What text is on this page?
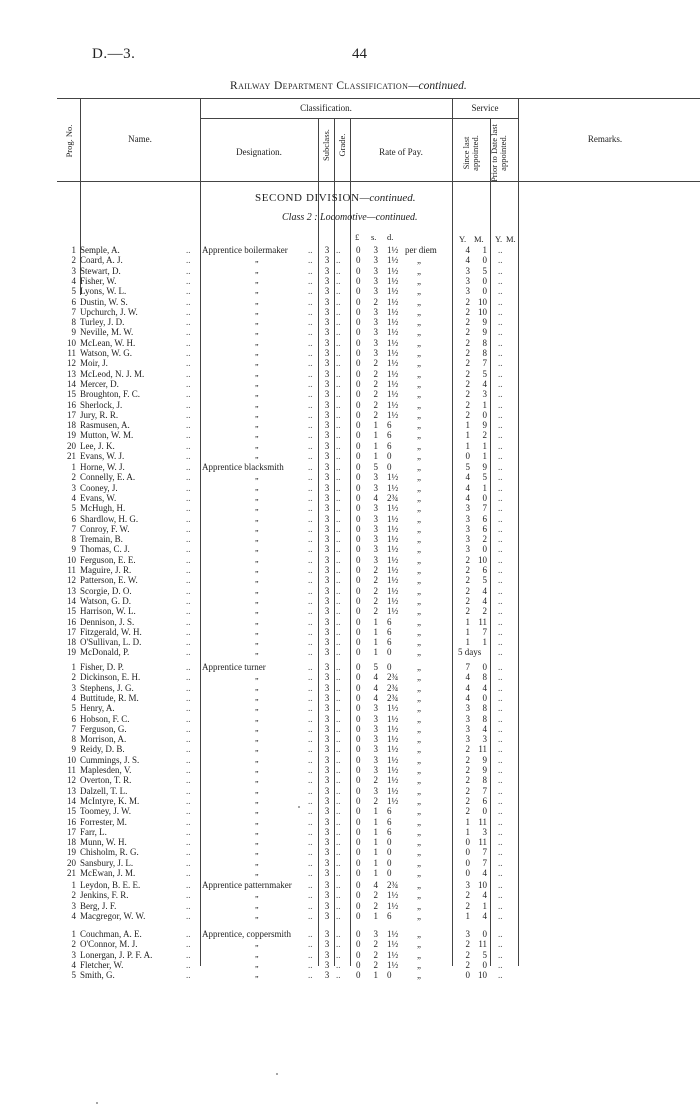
D.—3.	44
Railway Department Classification—continued.
Prog. No.	Name.
Classification.
Designation.	Subclass. Grade.	Rate of Pay.
Service
Since last appointed. Prior to Date last appointed.	Remarks.
SECOND DIVISION—continued.
Class 2 : Locomotive—continued.
£ s. d.	Y. M. Y. M.
1 Semple, A.	.. Apprentice boilermaker ..	3 .. 0	3 1½ per diem	4	1 ..
2 Coard, A. J.	..	„	..	3 .. 0	3 1½ „	4	0 ..
3 Stewart, D.	..	„	..	3 .. 0	3 1½ „	3	5 ..
4 Fisher, W.	..	„	..	3 .. 0	3 1½ „	3	0 ..
5 Lyons, W. L.	..	„	..	3 .. 0	3 1½ „	3	0 ..
6 Dustin, W. S.	..	„	..	3 .. 0	2 1½ „	2 10 ..
7 Upchurch, J. W.	..	„	..	3 .. 0	3 1½ „	2 10 ..
8 Turley, J. D.	..	„	..	3 .. 0	3 1½ „	2	9 ..
9 Neville, M. W.	..	„	..	3 .. 0	3 1½ „	2	9 ..
10 McLean, W. H.	..	„	..	3 .. 0	3 1½ „	2	8 ..
11 Watson, W. G.	..	„	..	3 .. 0	3 1½ „	2	8 ..
12 Moir, J.	..	„	..	3 .. 0	2 1½ „	2	7 ..
13 McLeod, N. J. M.	..	„	..	3 .. 0	2 1½ „	2	5 ..
14 Mercer, D.	..	„	..	3 .. 0	2 1½ „	2	4 ..
15 Broughton, F. C.	..	„	..	3 .. 0	2 1½ „	2	3 ..
16 Sherlock, J.	..	„	..	3 .. 0	2 1½ „	2	1 ..
17 Jury, R. R.	..	„	..	3 .. 0	2 1½ „	2	0 ..
18 Rasmusen, A.	..	„	..	3 .. 0	1 6	„	1	9 ..
19 Mutton, W. M.	..	„	..	3 .. 0	1 6	„	1	2 ..
20 Lee, J. K.	..	„	..	3 .. 0	1 6	„	1	1 ..
21 Evans, W. J.	..	„	..	3 .. 0	1 0	„	0	1 ..
1 Horne, W. J.	.. Apprentice blacksmith	..	3 .. 0	5 0	„	5	9 ..
2 Connelly, E. A.	..	„	..	3 .. 0	3 1½ „	4	5 ..
3 Cooney, J.	..	„	..	3 .. 0	3 1½ „	4	1 ..
4 Evans, W.	..	„	..	3 .. 0	4 2¾ „	4	0 ..
5 McHugh, H.	..	„	..	3 .. 0	3 1½ „	3	7 ..
6 Shardlow, H. G.	..	„	..	3 .. 0	3 1½ „	3	6 ..
7 Conroy, F. W.	..	„	..	3 .. 0	3 1½ „	3	6 ..
8 Tremain, B.	..	„	..	3 .. 0	3 1½ „	3	2 ..
9 Thomas, C. J.	..	„	..	3 .. 0	3 1½ „	3	0 ..
10 Ferguson, E. E.	..	„	..	3 .. 0	3 1½ „	2 10 ..
11 Maguire, J. R.	..	„	..	3 .. 0	2 1½ „	2	6 ..
12 Patterson, E. W.	..	„	..	3 .. 0	2 1½ „	2	5 ..
13 Scorgie, D. O.	..	„	..	3 .. 0	2 1½ „	2	4 ..
14 Watson, G. D.	..	„	..	3 .. 0	2 1½ „	2	4 ..
15 Harrison, W. L.	..	„	..	3 .. 0	2 1½ „	2	2 ..
16 Dennison, J. S.	..	„	..	3 .. 0	1 6	„	1 11 ..
17 Fitzgerald, W. H.	..	„	..	3 .. 0	1 6	„	1	7 ..
18 O'Sullivan, L. D.	..	„	..	3 .. 0	1 6	„	1	1 ..
19 McDonald, P.	..	„	..	3 .. 0	1 0	„	5 days ..
1 Fisher, D. P.	.. Apprentice turner	..	3 .. 0	5 0	„	7	0 ..
2 Dickinson, E. H.	..	„	..	3 .. 0	4 2¾ „	4	8 ..
3 Stephens, J. G.	..	„	..	3 .. 0	4 2¾ „	4	4 ..
4 Buttitude, R. M.	..	„	..	3 .. 0	4 2¾ „	4	0 ..
5 Henry, A.	..	„	..	3 .. 0	3 1½ „	3	8 ..
6 Hobson, F. C.	..	„	..	3 .. 0	3 1½ „	3	8 ..
7 Ferguson, G.	..	„	..	3 .. 0	3 1½ „	3	4 ..
8 Morrison, A.	..	„	..	3 .. 0	3 1½ „	3	3 ..
9 Reidy, D. B.	..	„	..	3 .. 0	3 1½ „	2 11 ..
10 Cummings, J. S.	..	„	..	3 .. 0	3 1½ „	2	9 ..
11 Maplesden, V.	..	„	..	3 .. 0	3 1½ „	2	9 ..
12 Overton, T. R.	..	„	..	3 .. 0	2 1½ „	2	8 ..
13 Dalzell, T. L.	..	„	..	3 .. 0	3 1½ „	2	7 ..
14 McIntyre, K. M.	..	„	..	3 .. 0	2 1½ „	2	6 ..
15 Toomey, J. W.	..	„	..	3 .. 0	1 6	„	2	0 ..
16 Forrester, M.	..	„	..	3 .. 0	1 6	„	1 11 ..
17 Farr, L.	..	„	..	3 .. 0	1 6	„	1	3 ..
18 Munn, W. H.	..	„	..	3 .. 0	1 0	„	0 11 ..
19 Chisholm, R. G.	..	„	..	3 .. 0	1 0	„	0	7 ..
20 Sansbury, J. L.	..	„	..	3 .. 0	1 0	„	0	7 ..
21 McEwan, J. M.	..	„	..	3 .. 0	1 0	„	0	4 ..
1 Leydon, B. E. E.	.. Apprentice patternmaker ..	3 .. 0	4 2¾ „	3 10 ..
2 Jenkins, F. R.	..	„	..	3 .. 0	2 1½ „	2	4 ..
3 Berg, J. F.	..	„	..	3 .. 0	2 1½ „	2	1 ..
4 Macgregor, W. W.	..	„	..	3 .. 0	1 6	„	1	4 ..
1 Couchman, A. E.	.. Apprentice, coppersmith ..	3 .. 0	3 1½ „	3	0 ..
2 O'Connor, M. J.	..	„	..	3 .. 0	2 1½ „	2 11 ..
3 Lonergan, J. P. F. A.	..	„	..	3 .. 0	2 1½ „	2	5 ..
4 Fletcher, W.	..	„	..	3 .. 0	2 1½ „	2	0 ..
5 Smith, G.	..	„	..	3 .. 0	1 0	„	0 10 ..
